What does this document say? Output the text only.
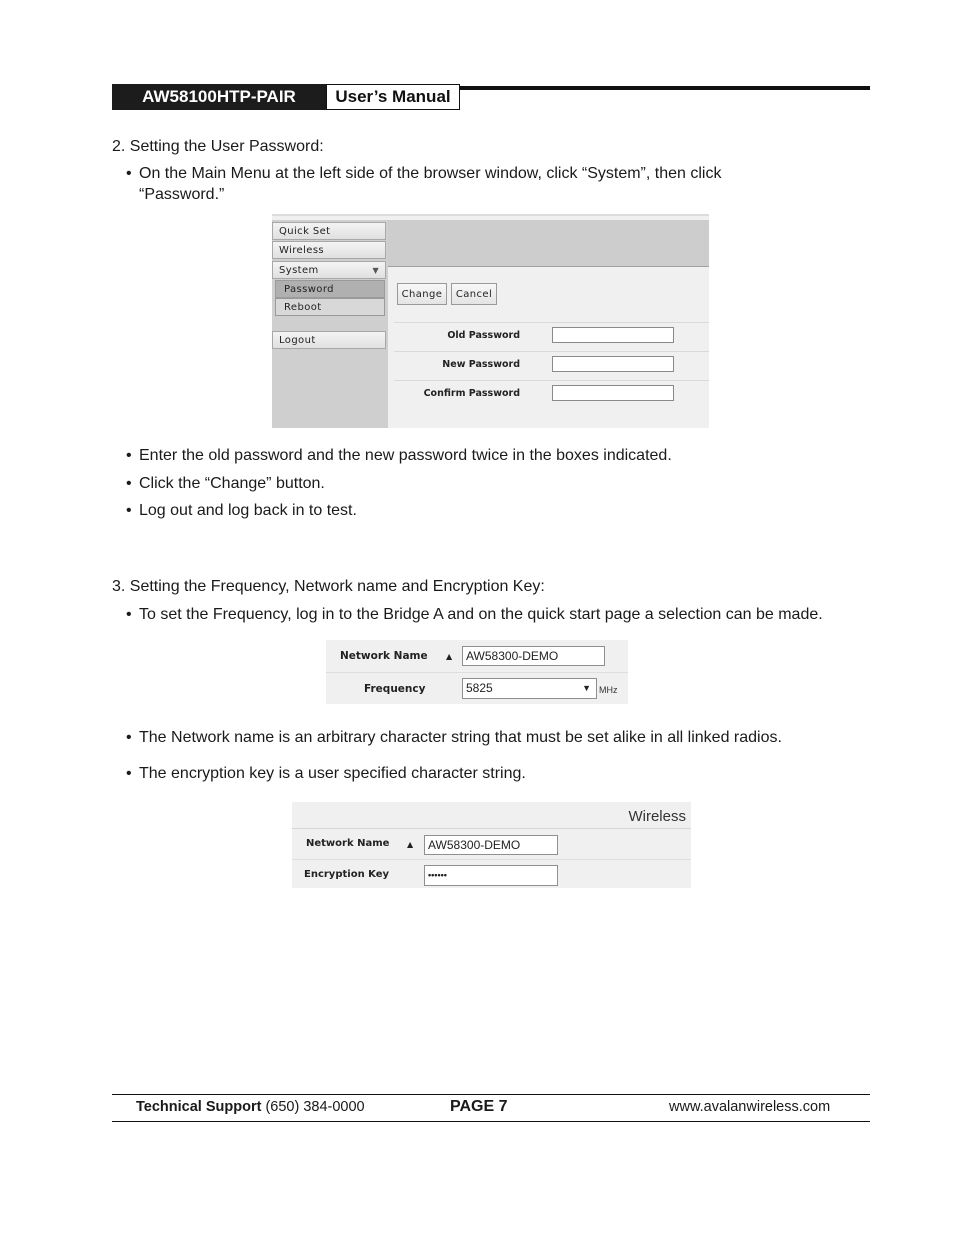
AW58100HTP-PAIR	User’s Manual
2. Setting the User Password:
• On the Main Menu at the left side of the browser window, click “System”, then click
“Password.”
Quick Set
Wireless
System	▼
Password
Reboot
Logout
Change	Cancel
Old Password
New Password
Confirm Password
• Enter the old password and the new password twice in the boxes indicated.
• Click the “Change” button.
• Log out and log back in to test.
3. Setting the Frequency, Network name and Encryption Key:
• To set the Frequency, log in to the Bridge A and on the quick start page a selection can be made.
Network Name ▲	AW58300-DEMO
Frequency	5825	▼ MHz
• The Network name is an arbitrary character string that must be set alike in all linked radios.
• The encryption key is a user specified character string.
Wireless
Network Name ▲	AW58300-DEMO
Encryption Key	••••••
Technical Support (650) 384-0000	PAGE 7	www.avalanwireless.com
